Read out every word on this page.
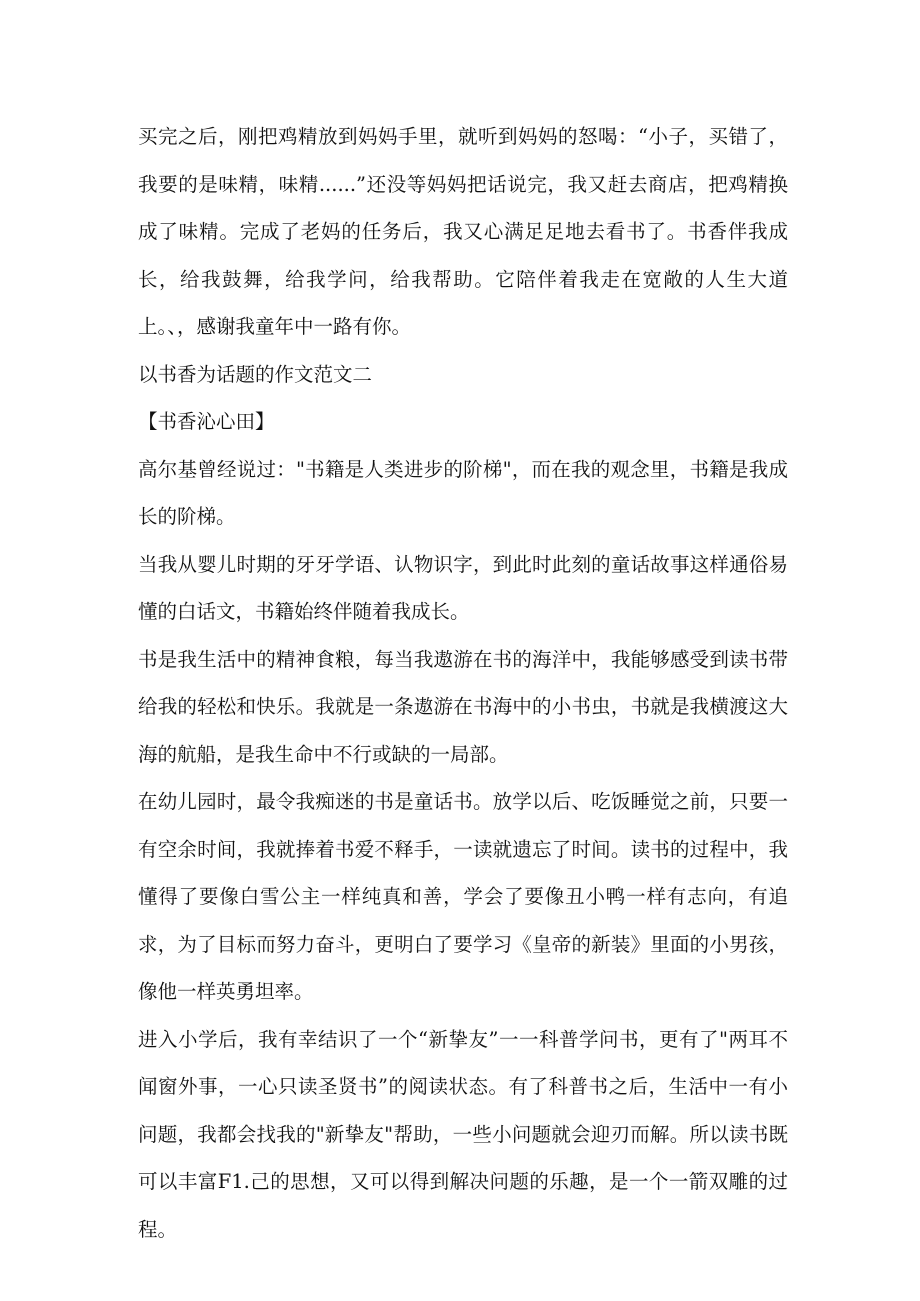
买完之后，刚把鸡精放到妈妈手里，就听到妈妈的怒喝：“小子，买错了，我要的是味精，味精......”还没等妈妈把话说完，我又赶去商店，把鸡精换成了味精。完成了老妈的任务后，我又心满足足地去看书了。书香伴我成长，给我鼓舞，给我学问，给我帮助。它陪伴着我走在宽敞的人生大道上。、，感谢我童年中一路有你。

以书香为话题的作文范文二

【书香沁心田】

高尔基曾经说过："书籍是人类进步的阶梯"，而在我的观念里，书籍是我成长的阶梯。

当我从婴儿时期的牙牙学语、认物识字，到此时此刻的童话故事这样通俗易懂的白话文，书籍始终伴随着我成长。

书是我生活中的精神食粮，每当我遨游在书的海洋中，我能够感受到读书带给我的轻松和快乐。我就是一条遨游在书海中的小书虫，书就是我横渡这大海的航船，是我生命中不行或缺的一局部。

在幼儿园时，最令我痴迷的书是童话书。放学以后、吃饭睡觉之前，只要一有空余时间，我就捧着书爱不释手，一读就遗忘了时间。读书的过程中，我懂得了要像白雪公主一样纯真和善，学会了要像丑小鸭一样有志向，有追求，为了目标而努力奋斗，更明白了要学习《皇帝的新装》里面的小男孩，像他一样英勇坦率。

进入小学后，我有幸结识了一个“新挚友”一一科普学问书，更有了"两耳不闻窗外事，一心只读圣贤书”的阅读状态。有了科普书之后，生活中一有小问题，我都会找我的"新挚友"帮助，一些小问题就会迎刃而解。所以读书既可以丰富F1.己的思想，又可以得到解决问题的乐趣，是一个一箭双雕的过程。
